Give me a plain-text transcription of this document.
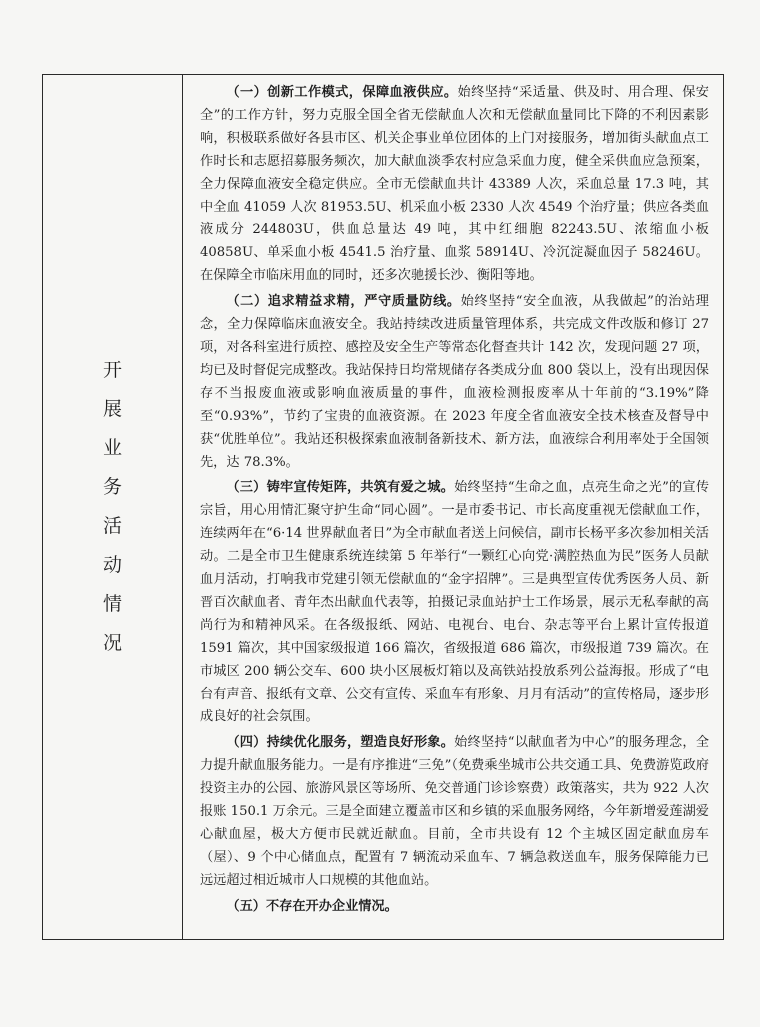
开
展
业
务
活
动
情
况

（一）创新工作模式，保障血液供应。始终坚持“采适量、供及时、用合理、保安全”的工作方针，努力克服全国全省无偿献血人次和无偿献血量同比下降的不利因素影响，积极联系做好各县市区、机关企事业单位团体的上门对接服务，增加街头献血点工作时长和志愿招募服务频次，加大献血淡季农村应急采血力度，健全采供血应急预案，全力保障血液安全稳定供应。全市无偿献血共计 43389 人次，采血总量 17.3 吨，其中全血 41059 人次 81953.5U、机采血小板 2330 人次 4549 个治疗量；供应各类血液成分 244803U，供血总量达 49 吨，其中红细胞 82243.5U、浓缩血小板 40858U、单采血小板 4541.5 治疗量、血浆 58914U、冷沉淀凝血因子 58246U。在保障全市临床用血的同时，还多次驰援长沙、衡阳等地。

（二）追求精益求精，严守质量防线。始终坚持“安全血液，从我做起”的治站理念，全力保障临床血液安全。我站持续改进质量管理体系，共完成文件改版和修订 27 项，对各科室进行质控、感控及安全生产等常态化督查共计 142 次，发现问题 27 项，均已及时督促完成整改。我站保持日均常规储存各类成分血 800 袋以上，没有出现因保存不当报废血液或影响血液质量的事件，血液检测报废率从十年前的“3.19%”降至“0.93%”，节约了宝贵的血液资源。在 2023 年度全省血液安全技术核查及督导中获“优胜单位”。我站还积极探索血液制备新技术、新方法，血液综合利用率处于全国领先，达 78.3%。

（三）铸牢宣传矩阵，共筑有爱之城。始终坚持“生命之血，点亮生命之光”的宣传宗旨，用心用情汇聚守护生命“同心圆”。一是市委书记、市长高度重视无偿献血工作，连续两年在“6·14 世界献血者日”为全市献血者送上问候信，副市长杨平多次参加相关活动。二是全市卫生健康系统连续第 5 年举行“一颗红心向党·满腔热血为民”医务人员献血月活动，打响我市党建引领无偿献血的“金字招牌”。三是典型宣传优秀医务人员、新晋百次献血者、青年杰出献血代表等，拍摄记录血站护士工作场景，展示无私奉献的高尚行为和精神风采。在各级报纸、网站、电视台、电台、杂志等平台上累计宣传报道 1591 篇次，其中国家级报道 166 篇次，省级报道 686 篇次，市级报道 739 篇次。在市城区 200 辆公交车、600 块小区展板灯箱以及高铁站投放系列公益海报。形成了“电台有声音、报纸有文章、公交有宣传、采血车有形象、月月有活动”的宣传格局，逐步形成良好的社会氛围。

（四）持续优化服务，塑造良好形象。始终坚持“以献血者为中心”的服务理念，全力提升献血服务能力。一是有序推进“三免”（免费乘坐城市公共交通工具、免费游览政府投资主办的公园、旅游风景区等场所、免交普通门诊诊察费）政策落实，共为 922 人次报账 150.1 万余元。三是全面建立覆盖市区和乡镇的采血服务网络，今年新增爱莲湖爱心献血屋，极大方便市民就近献血。目前，全市共设有 12 个主城区固定献血房车（屋）、9 个中心储血点，配置有 7 辆流动采血车、7 辆急救送血车，服务保障能力已远远超过相近城市人口规模的其他血站。

（五）不存在开办企业情况。
